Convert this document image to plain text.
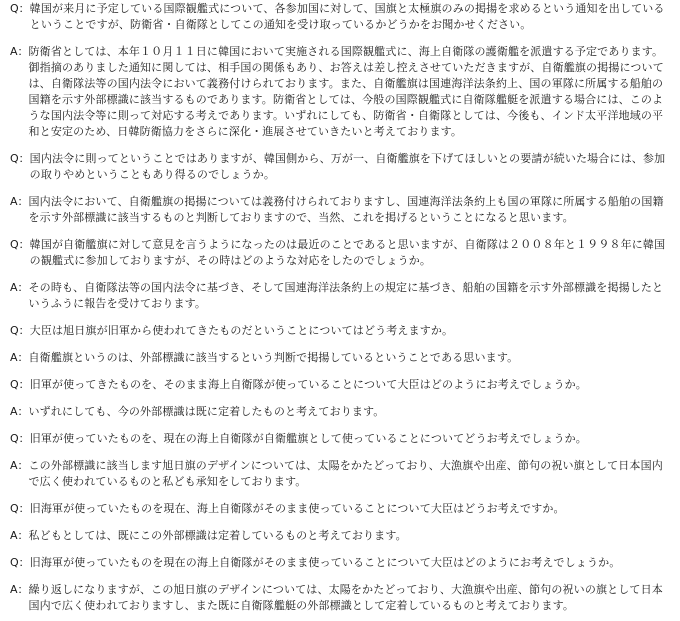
Q： 韓国が来月に予定している国際観艦式について、各参加国に対して、国旗と太極旗のみの掲揚を求めるという通知を出しているということですが、防衛省・自衛隊としてこの通知を受け取っているかどうかをお聞かせください。
A： 防衛省としては、本年１０月１１日に韓国において実施される国際観艦式に、海上自衛隊の護衛艦を派遣する予定であります。御指摘のありました通知に関しては、相手国の関係もあり、お答えは差し控えさせていただきますが、自衛艦旗の掲揚については、自衛隊法等の国内法令において義務付けられております。また、自衛艦旗は国連海洋法条約上、国の軍隊に所属する船舶の国籍を示す外部標識に該当するものであります。防衛省としては、今般の国際観艦式に自衛隊艦艇を派遣する場合には、このような国内法令等に則って対応する考えであります。いずれにしても、防衛省・自衛隊としては、今後も、インド太平洋地域の平和と安定のため、日韓防衛協力をさらに深化・進展させていきたいと考えております。
Q： 国内法令に則ってということではありますが、韓国側から、万が一、自衛艦旗を下げてほしいとの要請が続いた場合には、参加の取りやめということもあり得るのでしょうか。
A： 国内法令において、自衛艦旗の掲揚については義務付けられておりますし、国連海洋法条約上も国の軍隊に所属する船舶の国籍を示す外部標識に該当するものと判断しておりますので、当然、これを掲げるということになると思います。
Q： 韓国が自衛艦旗に対して意見を言うようになったのは最近のことであると思いますが、自衛隊は２００８年と１９９８年に韓国の観艦式に参加しておりますが、その時はどのような対応をしたのでしょうか。
A： その時も、自衛隊法等の国内法令に基づき、そして国連海洋法条約上の規定に基づき、船舶の国籍を示す外部標識を掲揚したというふうに報告を受けております。
Q： 大臣は旭日旗が旧軍から使われてきたものだということについてはどう考えますか。
A： 自衛艦旗というのは、外部標識に該当するという判断で掲揚しているということである思います。
Q： 旧軍が使ってきたものを、そのまま海上自衛隊が使っていることについて大臣はどのようにお考えでしょうか。
A： いずれにしても、今の外部標識は既に定着したものと考えております。
Q： 旧軍が使っていたものを、現在の海上自衛隊が自衛艦旗として使っていることについてどうお考えでしょうか。
A： この外部標識に該当します旭日旗のデザインについては、太陽をかたどっており、大漁旗や出産、節句の祝い旗として日本国内で広く使われているものと私ども承知をしております。
Q： 旧海軍が使っていたものを現在、海上自衛隊がそのまま使っていることについて大臣はどうお考えですか。
A： 私どもとしては、既にこの外部標識は定着しているものと考えております。
Q： 旧海軍が使っていたものを現在の海上自衛隊がそのまま使っていることについて大臣はどのようにお考えでしょうか。
A： 繰り返しになりますが、この旭日旗のデザインについては、太陽をかたどっており、大漁旗や出産、節句の祝いの旗として日本国内で広く使われておりますし、また既に自衛隊艦艇の外部標識として定着しているものと考えております。
